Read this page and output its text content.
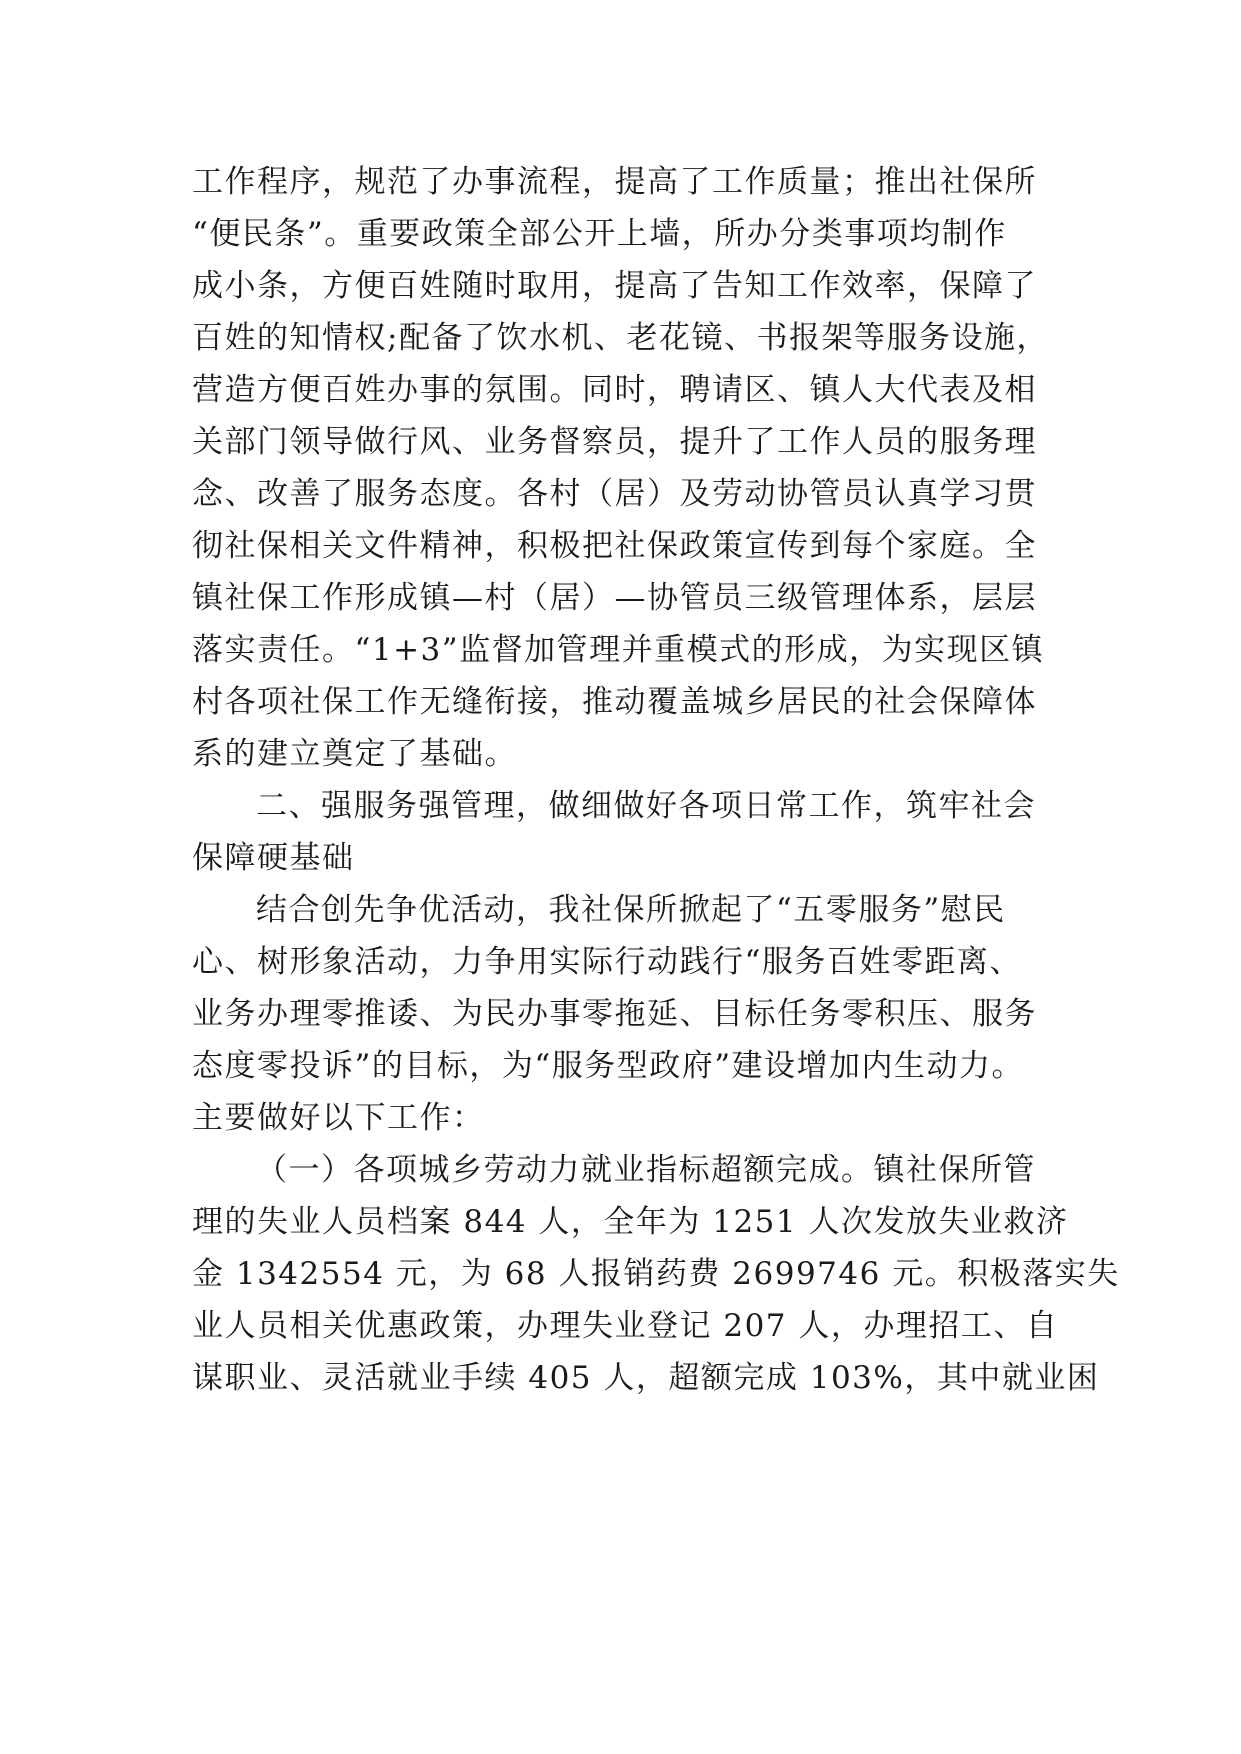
工作程序，规范了办事流程，提高了工作质量；推出社保所
“便民条”。重要政策全部公开上墙，所办分类事项均制作
成小条，方便百姓随时取用，提高了告知工作效率，保障了
百姓的知情权;配备了饮水机、老花镜、书报架等服务设施，
营造方便百姓办事的氛围。同时，聘请区、镇人大代表及相
关部门领导做行风、业务督察员，提升了工作人员的服务理
念、改善了服务态度。各村（居）及劳动协管员认真学习贯
彻社保相关文件精神，积极把社保政策宣传到每个家庭。全
镇社保工作形成镇—村（居）—协管员三级管理体系，层层
落实责任。“1+3”监督加管理并重模式的形成，为实现区镇
村各项社保工作无缝衔接，推动覆盖城乡居民的社会保障体
系的建立奠定了基础。
二、强服务强管理，做细做好各项日常工作，筑牢社会
保障硬基础
结合创先争优活动，我社保所掀起了“五零服务”慰民
心、树形象活动，力争用实际行动践行“服务百姓零距离、
业务办理零推诿、为民办事零拖延、目标任务零积压、服务
态度零投诉”的目标，为“服务型政府”建设增加内生动力。
主要做好以下工作：
（一）各项城乡劳动力就业指标超额完成。镇社保所管
理的失业人员档案 844 人，全年为 1251 人次发放失业救济
金 1342554 元，为 68 人报销药费 2699746 元。积极落实失
业人员相关优惠政策，办理失业登记 207 人，办理招工、自
谋职业、灵活就业手续 405 人，超额完成 103%，其中就业困
